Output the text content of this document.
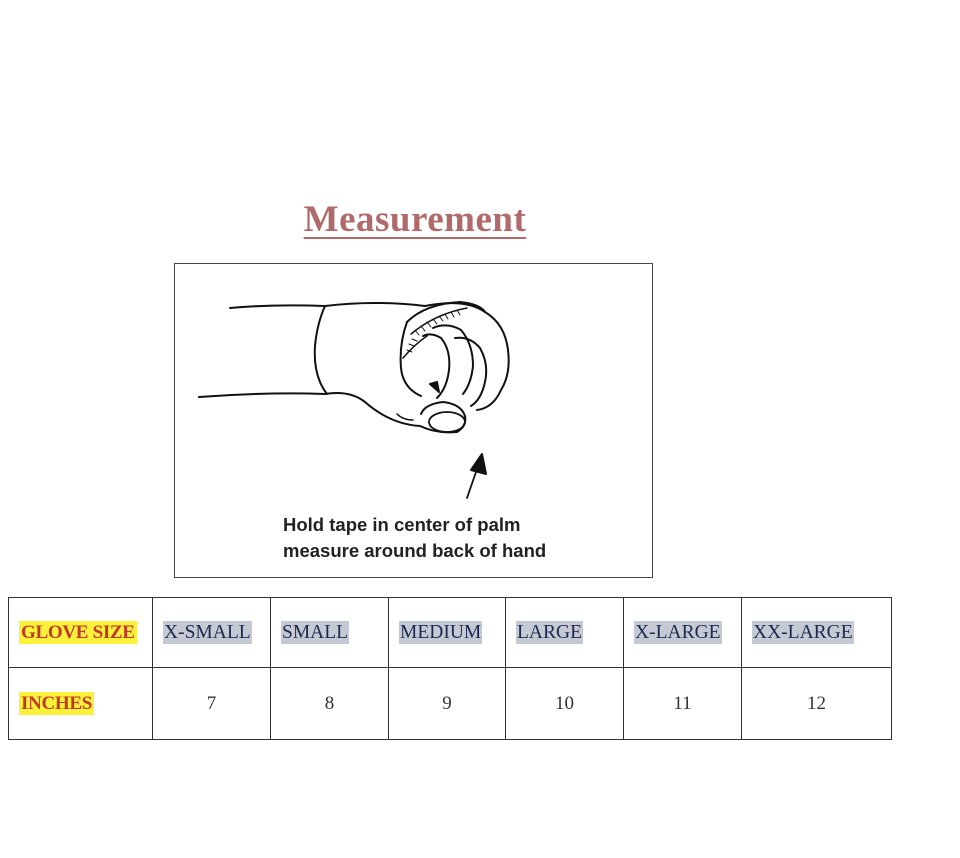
Measurement
Hold tape in center of palm
measure around back of hand
GLOVE SIZE	X-SMALL	SMALL	MEDIUM	LARGE	X-LARGE	XX-LARGE
INCHES	7	8	9	10	11	12
